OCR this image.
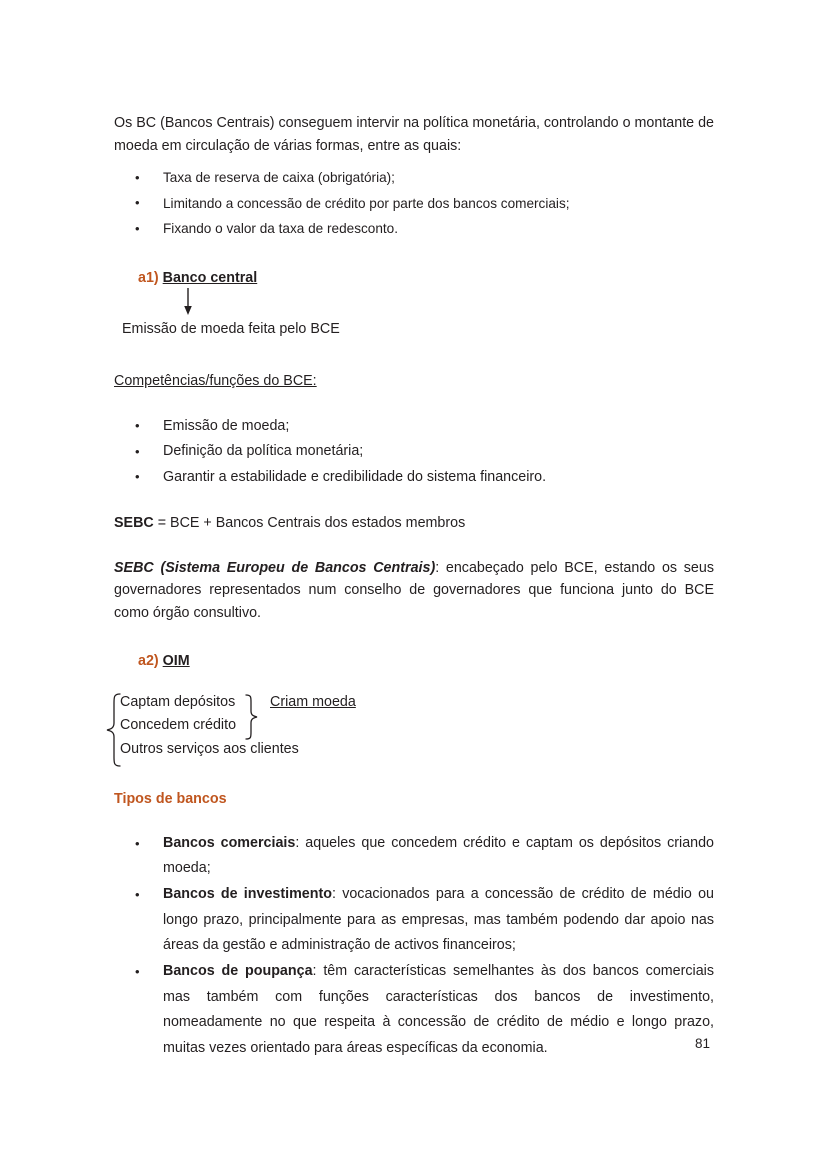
Os BC (Bancos Centrais) conseguem intervir na política monetária, controlando o montante de moeda em circulação de várias formas, entre as quais:

• Taxa de reserva de caixa (obrigatória);
• Limitando a concessão de crédito por parte dos bancos comerciais;
• Fixando o valor da taxa de redesconto.
a1) Banco central
Emissão de moeda feita pelo BCE
Competências/funções do BCE:
• Emissão de moeda;
• Definição da política monetária;
• Garantir a estabilidade e credibilidade do sistema financeiro.

SEBC = BCE + Bancos Centrais dos estados membros

SEBC (Sistema Europeu de Bancos Centrais): encabeçado pelo BCE, estando os seus governadores representados num conselho de governadores que funciona junto do BCE como órgão consultivo.

a2) OIM
Captam depósitos
Concedem crédito
Outros serviços aos clientes
Criam moeda
Tipos de bancos
• Bancos comerciais: aqueles que concedem crédito e captam os depósitos criando moeda;
• Bancos de investimento: vocacionados para a concessão de crédito de médio ou longo prazo, principalmente para as empresas, mas também podendo dar apoio nas áreas da gestão e administração de activos financeiros;
• Bancos de poupança: têm características semelhantes às dos bancos comerciais mas também com funções características dos bancos de investimento, nomeadamente no que respeita à concessão de crédito de médio e longo prazo, muitas vezes orientado para áreas específicas da economia.	81
